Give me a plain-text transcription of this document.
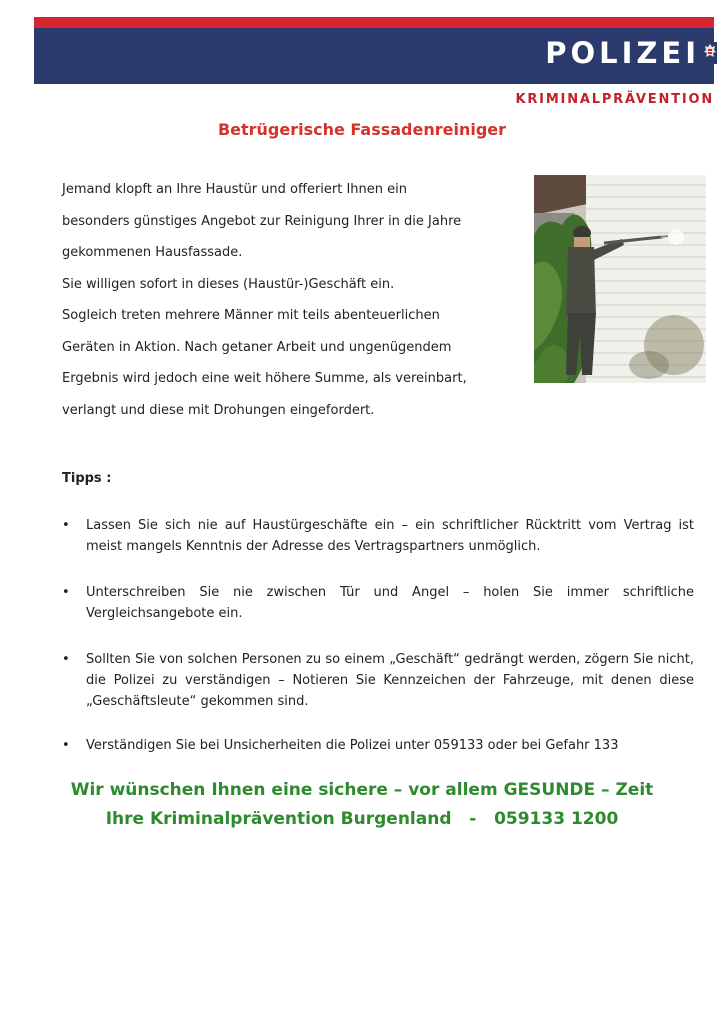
POLIZEI
KRIMINALPRÄVENTION
Betrügerische Fassadenreiniger

Jemand klopft an Ihre Haustür und offeriert Ihnen ein

besonders günstiges Angebot zur Reinigung Ihrer in die Jahre

gekommenen Hausfassade.

Sie willigen sofort in dieses (Haustür-)Geschäft ein.

Sogleich treten mehrere Männer mit teils abenteuerlichen

Geräten in Aktion. Nach getaner Arbeit und ungenügendem

Ergebnis wird jedoch eine weit höhere Summe, als vereinbart,

verlangt und diese mit Drohungen eingefordert.

Tipps :
• Lassen Sie sich nie auf Haustürgeschäfte ein – ein schriftlicher Rücktritt vom Vertrag ist meist mangels Kenntnis der Adresse des Vertragspartners unmöglich.
• Unterschreiben Sie nie zwischen Tür und Angel – holen Sie immer schriftliche Vergleichsangebote ein.
• Sollten Sie von solchen Personen zu so einem „Geschäft“ gedrängt werden, zögern Sie nicht, die Polizei zu verständigen – Notieren Sie Kennzeichen der Fahrzeuge, mit denen diese „Geschäftsleute“ gekommen sind.
• Verständigen Sie bei Unsicherheiten die Polizei unter 059133 oder bei Gefahr 133
Wir wünschen Ihnen eine sichere – vor allem GESUNDE – Zeit
Ihre Kriminalprävention Burgenland   -   059133 1200
